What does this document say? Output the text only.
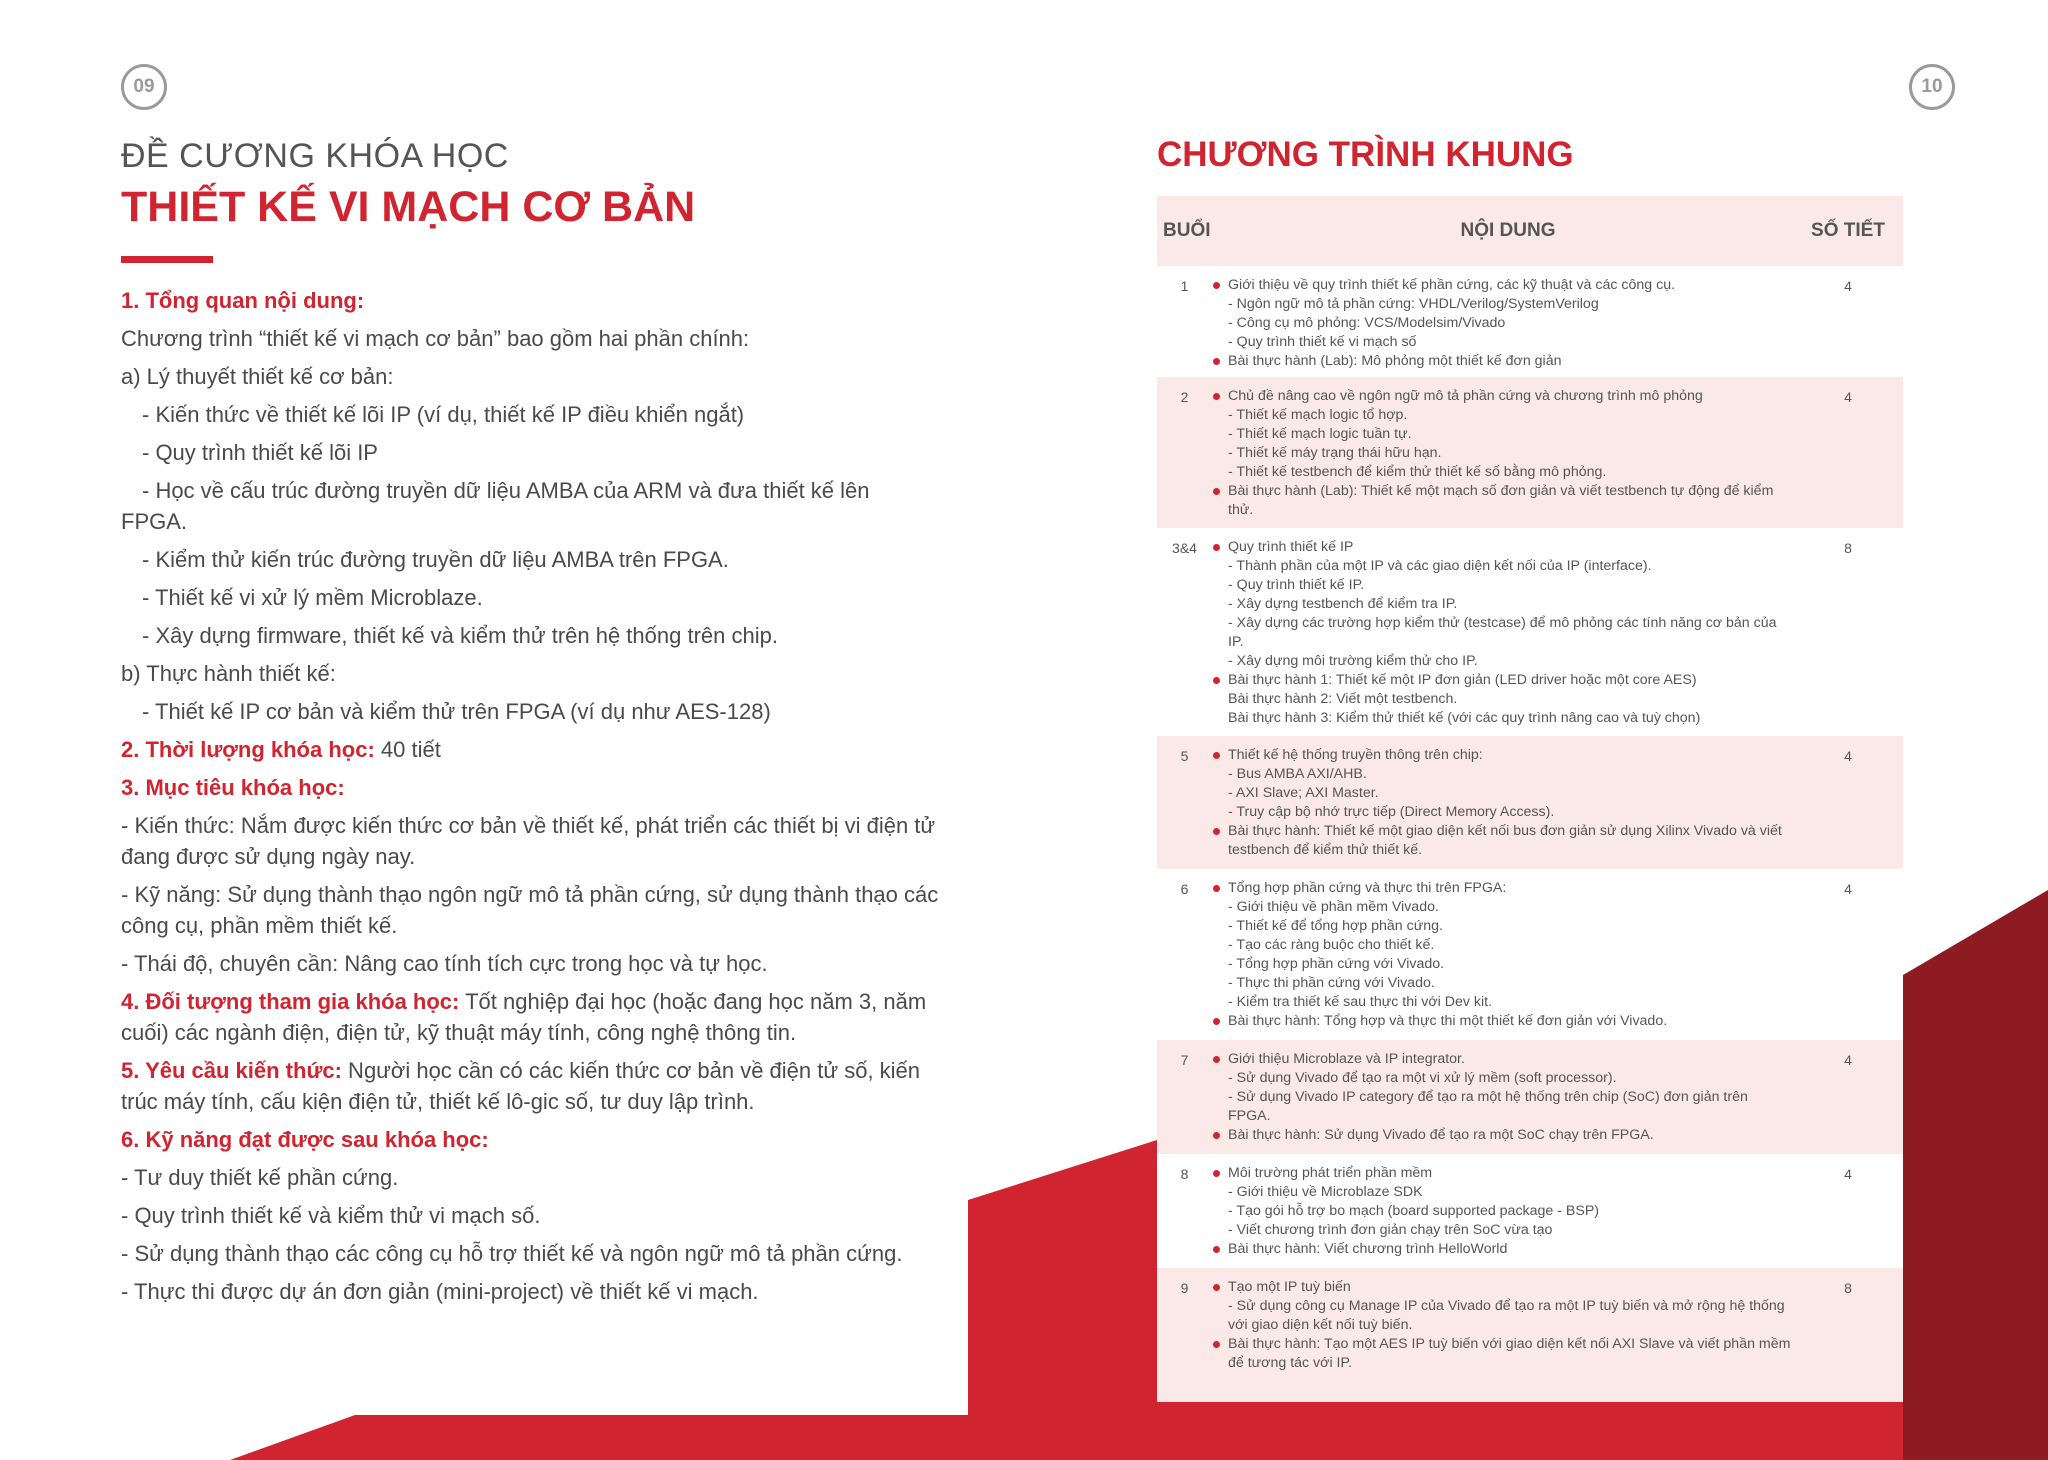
09	10
ĐỀ CƯƠNG KHÓA HỌC
THIẾT KẾ VI MẠCH CƠ BẢN
1. Tổng quan nội dung:
Chương trình “thiết kế vi mạch cơ bản” bao gồm hai phần chính:
a) Lý thuyết thiết kế cơ bản:
- Kiến thức về thiết kế lõi IP (ví dụ, thiết kế IP điều khiển ngắt)
- Quy trình thiết kế lõi IP
- Học về cấu trúc đường truyền dữ liệu AMBA của ARM và đưa thiết kế lên FPGA.
- Kiểm thử kiến trúc đường truyền dữ liệu AMBA trên FPGA.
- Thiết kế vi xử lý mềm Microblaze.
- Xây dựng firmware, thiết kế và kiểm thử trên hệ thống trên chip.
b) Thực hành thiết kế:
- Thiết kế IP cơ bản và kiểm thử trên FPGA (ví dụ như AES-128)
2. Thời lượng khóa học: 40 tiết
3. Mục tiêu khóa học:
- Kiến thức: Nắm được kiến thức cơ bản về thiết kế, phát triển các thiết bị vi điện tử đang được sử dụng ngày nay.
- Kỹ năng: Sử dụng thành thạo ngôn ngữ mô tả phần cứng, sử dụng thành thạo các công cụ, phần mềm thiết kế.
- Thái độ, chuyên cần: Nâng cao tính tích cực trong học và tự học.
4. Đối tượng tham gia khóa học: Tốt nghiệp đại học (hoặc đang học năm 3, năm cuối) các ngành điện, điện tử, kỹ thuật máy tính, công nghệ thông tin.
5. Yêu cầu kiến thức: Người học cần có các kiến thức cơ bản về điện tử số, kiến trúc máy tính, cấu kiện điện tử, thiết kế lô-gic số, tư duy lập trình.
6. Kỹ năng đạt được sau khóa học:
- Tư duy thiết kế phần cứng.
- Quy trình thiết kế và kiểm thử vi mạch số.
- Sử dụng thành thạo các công cụ hỗ trợ thiết kế và ngôn ngữ mô tả phần cứng.
- Thực thi được dự án đơn giản (mini-project) về thiết kế vi mạch.
CHƯƠNG TRÌNH KHUNG
BUỔI	NỘI DUNG	SỐ TIẾT
1	Giới thiệu về quy trình thiết kế phần cứng, các kỹ thuật và các công cụ.
- Ngôn ngữ mô tả phần cứng: VHDL/Verilog/SystemVerilog
- Công cụ mô phỏng: VCS/Modelsim/Vivado
- Quy trình thiết kế vi mạch số
Bài thực hành (Lab): Mô phỏng một thiết kế đơn giản
4
2	Chủ đề nâng cao về ngôn ngữ mô tả phần cứng và chương trình mô phỏng
- Thiết kế mạch logic tổ hợp.
- Thiết kế mạch logic tuần tự.
- Thiết kế máy trạng thái hữu hạn.
- Thiết kế testbench để kiểm thử thiết kế số bằng mô phỏng.
Bài thực hành (Lab): Thiết kế một mạch số đơn giản và viết testbench tự động để kiểm thử.
4
3&4	Quy trình thiết kế IP
- Thành phần của một IP và các giao diện kết nối của IP (interface).
- Quy trình thiết kế IP.
- Xây dựng testbench để kiểm tra IP.
- Xây dựng các trường hợp kiểm thử (testcase) để mô phỏng các tính năng cơ bản của IP.
- Xây dựng môi trường kiểm thử cho IP.
Bài thực hành 1: Thiết kế một IP đơn giản (LED driver hoặc một core AES)
Bài thực hành 2: Viết một testbench.
Bài thực hành 3: Kiểm thử thiết kế (với các quy trình nâng cao và tuỳ chọn)
8
5	Thiết kế hệ thống truyền thông trên chip:
- Bus AMBA AXI/AHB.
- AXI Slave; AXI Master.
- Truy cập bộ nhớ trực tiếp (Direct Memory Access).
Bài thực hành: Thiết kế một giao diện kết nối bus đơn giản sử dụng Xilinx Vivado và viết testbench để kiểm thử thiết kế.
4
6	Tổng hợp phần cứng và thực thi trên FPGA:
- Giới thiệu về phần mềm Vivado.
- Thiết kế để tổng hợp phần cứng.
- Tạo các ràng buộc cho thiết kế.
- Tổng hợp phần cứng với Vivado.
- Thực thi phần cứng với Vivado.
- Kiểm tra thiết kế sau thực thi với Dev kit.
Bài thực hành: Tổng hợp và thực thi một thiết kế đơn giản với Vivado.
4
7	Giới thiệu Microblaze và IP integrator.
- Sử dụng Vivado để tạo ra một vi xử lý mềm (soft processor).
- Sử dụng Vivado IP category để tạo ra một hệ thống trên chip (SoC) đơn giản trên FPGA.
Bài thực hành: Sử dụng Vivado để tạo ra một SoC chạy trên FPGA.
4
8	Môi trường phát triển phần mềm
- Giới thiệu về Microblaze SDK
- Tạo gói hỗ trợ bo mạch (board supported package - BSP)
- Viết chương trình đơn giản chạy trên SoC vừa tạo
Bài thực hành: Viết chương trình HelloWorld
4
9	Tạo một IP tuỳ biến
- Sử dụng công cụ Manage IP của Vivado để tạo ra một IP tuỳ biến và mở rộng hệ thống với giao diện kết nối tuỳ biến.
Bài thực hành: Tạo một AES IP tuỳ biến với giao diện kết nối AXI Slave và viết phần mềm để tương tác với IP.
8
